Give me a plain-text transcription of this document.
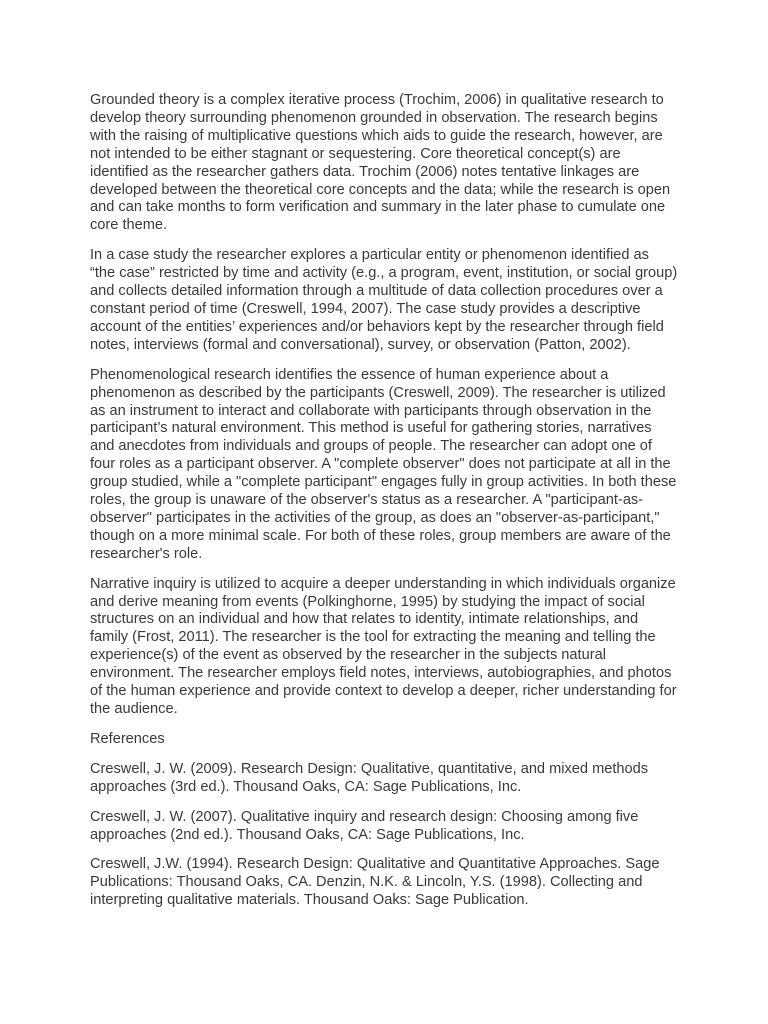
Grounded theory is a complex iterative process (Trochim, 2006) in qualitative research to develop theory surrounding phenomenon grounded in observation. The research begins with the raising of multiplicative questions which aids to guide the research, however, are not intended to be either stagnant or sequestering. Core theoretical concept(s) are identified as the researcher gathers data. Trochim (2006) notes tentative linkages are developed between the theoretical core concepts and the data; while the research is open and can take months to form verification and summary in the later phase to cumulate one core theme.

In a case study the researcher explores a particular entity or phenomenon identified as “the case” restricted by time and activity (e.g., a program, event, institution, or social group) and collects detailed information through a multitude of data collection procedures over a constant period of time (Creswell, 1994, 2007). The case study provides a descriptive account of the entities’ experiences and/or behaviors kept by the researcher through field notes, interviews (formal and conversational), survey, or observation (Patton, 2002).

Phenomenological research identifies the essence of human experience about a phenomenon as described by the participants (Creswell, 2009). The researcher is utilized as an instrument to interact and collaborate with participants through observation in the participant’s natural environment. This method is useful for gathering stories, narratives and anecdotes from individuals and groups of people. The researcher can adopt one of four roles as a participant observer. A "complete observer" does not participate at all in the group studied, while a "complete participant" engages fully in group activities. In both these roles, the group is unaware of the observer's status as a researcher. A "participant-as-observer" participates in the activities of the group, as does an "observer-as-participant," though on a more minimal scale. For both of these roles, group members are aware of the researcher's role.

Narrative inquiry is utilized to acquire a deeper understanding in which individuals organize and derive meaning from events (Polkinghorne, 1995) by studying the impact of social structures on an individual and how that relates to identity, intimate relationships, and family (Frost, 2011). The researcher is the tool for extracting the meaning and telling the experience(s) of the event as observed by the researcher in the subjects natural environment. The researcher employs field notes, interviews, autobiographies, and photos of the human experience and provide context to develop a deeper, richer understanding for the audience.

References

Creswell, J. W. (2009). Research Design: Qualitative, quantitative, and mixed methods approaches (3rd ed.). Thousand Oaks, CA: Sage Publications, Inc.

Creswell, J. W. (2007). Qualitative inquiry and research design: Choosing among five approaches (2nd ed.). Thousand Oaks, CA: Sage Publications, Inc.

Creswell, J.W. (1994). Research Design: Qualitative and Quantitative Approaches. Sage Publications: Thousand Oaks, CA. Denzin, N.K. & Lincoln, Y.S. (1998). Collecting and interpreting qualitative materials. Thousand Oaks: Sage Publication.
